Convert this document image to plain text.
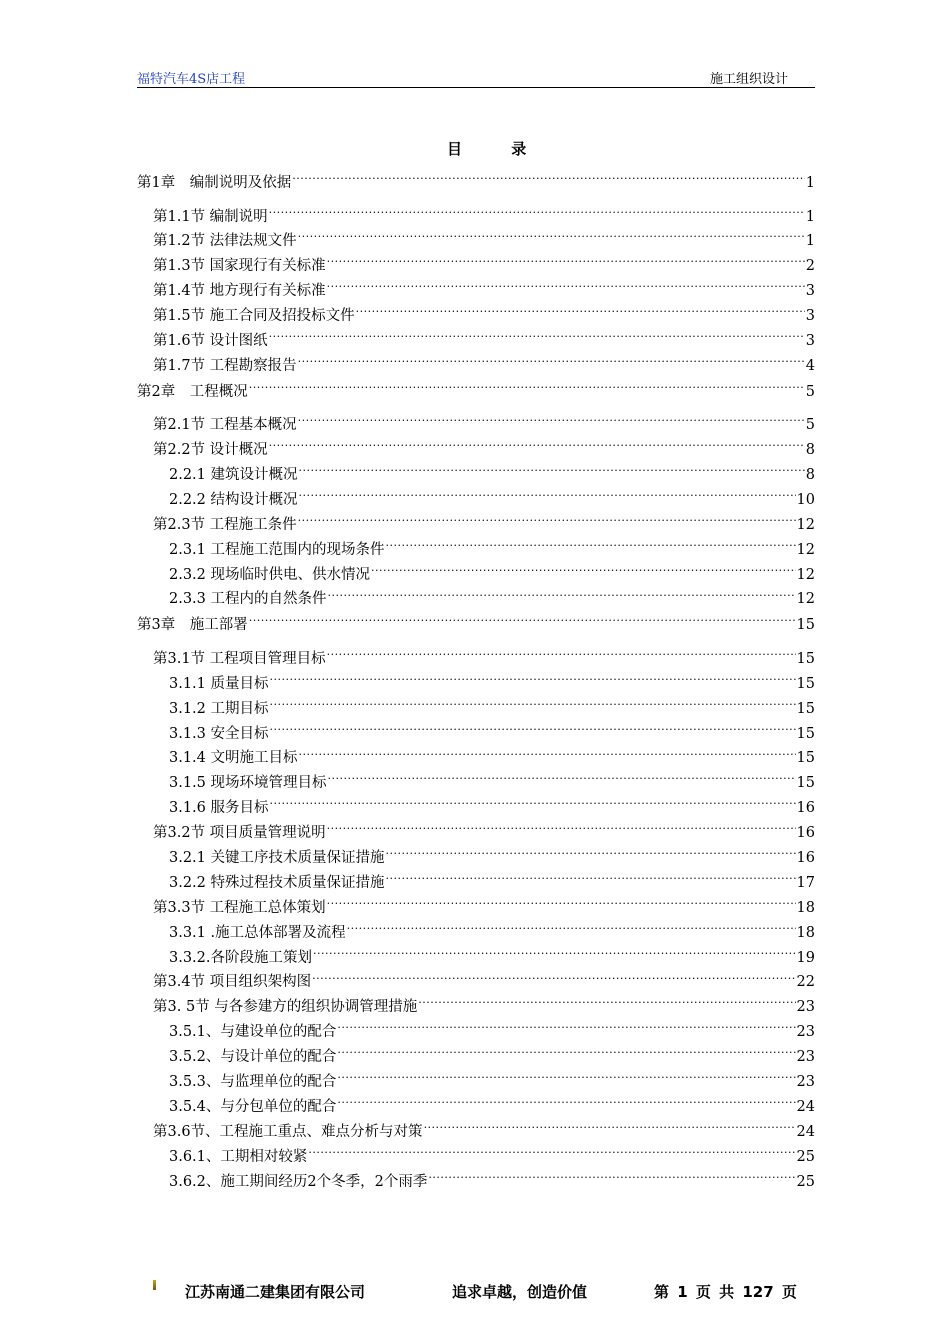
福特汽车4S店工程	施工组织设计
目 录
第1章　编制说明及依据 .....	1
第1.1节 编制说明 .....	1
第1.2节 法律法规文件 .....	1
第1.3节 国家现行有关标准 .....	2
第1.4节 地方现行有关标准 .....	3
第1.5节 施工合同及招投标文件 .....	3
第1.6节 设计图纸 .....	3
第1.7节 工程勘察报告 .....	4
第2章　工程概况 .....	5
第2.1节 工程基本概况 .....	5
第2.2节 设计概况 .....	8
2.2.1 建筑设计概况 .....	8
2.2.2 结构设计概况 .....	10
第2.3节 工程施工条件 .....	12
2.3.1 工程施工范围内的现场条件 .....	12
2.3.2 现场临时供电、供水情况 .....	12
2.3.3 工程内的自然条件 .....	12
第3章　施工部署 .....	15
第3.1节 工程项目管理目标 .....	15
3.1.1 质量目标 .....	15
3.1.2 工期目标 .....	15
3.1.3 安全目标 .....	15
3.1.4 文明施工目标 .....	15
3.1.5 现场环境管理目标 .....	15
3.1.6 服务目标 .....	16
第3.2节 项目质量管理说明 .....	16
3.2.1 关键工序技术质量保证措施 .....	16
3.2.2 特殊过程技术质量保证措施 .....	17
第3.3节 工程施工总体策划 .....	18
3.3.1 .施工总体部署及流程 .....	18
3.3.2.各阶段施工策划 .....	19
第3.4节 项目组织架构图 .....	22
第3. 5节 与各参建方的组织协调管理措施 .....	23
3.5.1、与建设单位的配合 .....	23
3.5.2、与设计单位的配合 .....	23
3.5.3、与监理单位的配合 .....	23
3.5.4、与分包单位的配合 .....	24
第3.6节、工程施工重点、难点分析与对策 .....	24
3.6.1、工期相对较紧 .....	25
3.6.2、施工期间经历2个冬季，2个雨季 .....	25
江苏南通二建集团有限公司	追求卓越，创造价值	第 1 页 共 127 页
